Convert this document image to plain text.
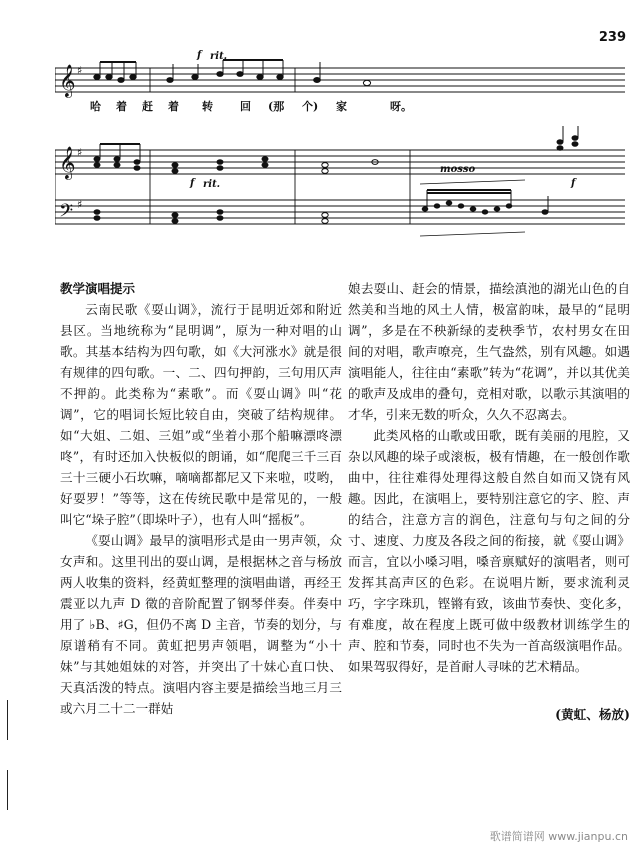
239
𝄞
𝄞
𝄢
♯
♯
♯
f rit.
f rit.
mosso
f
哈 着 赶 着 转 回 (那 个) 家	呀。

教学演唱提示

云南民歌《耍山调》，流行于昆明近郊和附近县区。当地统称为“昆明调”，原为一种对唱的山歌。其基本结构为四句歌，如《大河涨水》就是很有规律的四句歌。一、二、四句押韵，三句用仄声不押韵。此类称为“素歌”。而《耍山调》叫“花调”，它的唱词长短比较自由，突破了结构规律。如“大姐、二姐、三姐”或“坐着小那个船嘛漂咚漂咚”，有时还加入快板似的朗诵，如“爬爬三千三百三十三硬小石坎嘛，嘀嘀都都尼又下来啦，哎哟，好耍罗！”等等，这在传统民歌中是常见的，一般叫它“垛子腔”（即垛叶子），也有人叫“摇板”。

《耍山调》最早的演唱形式是由一男声领，众女声和。这里刊出的耍山调，是根据林之音与杨放两人收集的资料，经黄虹整理的演唱曲谱，再经王震亚以九声 D 徵的音阶配置了钢琴伴奏。伴奏中用了 ♭B、♯G，但仍不离 D 主音，节奏的划分，与原谱稍有不同。黄虹把男声领唱，调整为“小十妹”与其她姐妹的对答，并突出了十妹心直口快、天真活泼的特点。演唱内容主要是描绘当地三月三或六月二十二一群姑

娘去耍山、赶会的情景，描绘滇池的湖光山色的自然美和当地的风土人情，极富韵味，最早的“昆明调”，多是在不秧新绿的麦秧季节，农村男女在田间的对唱，歌声嘹亮，生气盎然，别有风趣。如遇演唱能人，往往由“素歌”转为“花调”，并以其优美的歌声及成串的叠句，竞相对歌，以歌示其演唱的才华，引来无数的听众，久久不忍离去。

此类风格的山歌或田歌，既有美丽的甩腔，又杂以风趣的垛子或滚板，极有情趣，在一般创作歌曲中，往往难得处理得这般自然自如而又饶有风趣。因此，在演唱上，要特别注意它的字、腔、声的结合，注意方言的润色，注意句与句之间的分寸、速度、力度及各段之间的衔接，就《耍山调》而言，宜以小嗓习唱，嗓音禀赋好的演唱者，则可发挥其高声区的色彩。在说唱片断，要求流利灵巧，字字珠玑，铿锵有致，该曲节奏快、变化多，有难度，故在程度上既可做中级教材训练学生的声、腔和节奏，同时也不失为一首高级演唱作品。如果驾驭得好，是首耐人寻味的艺术精品。

(黄虹、杨放)

歌谱简谱网 www.jianpu.cn
